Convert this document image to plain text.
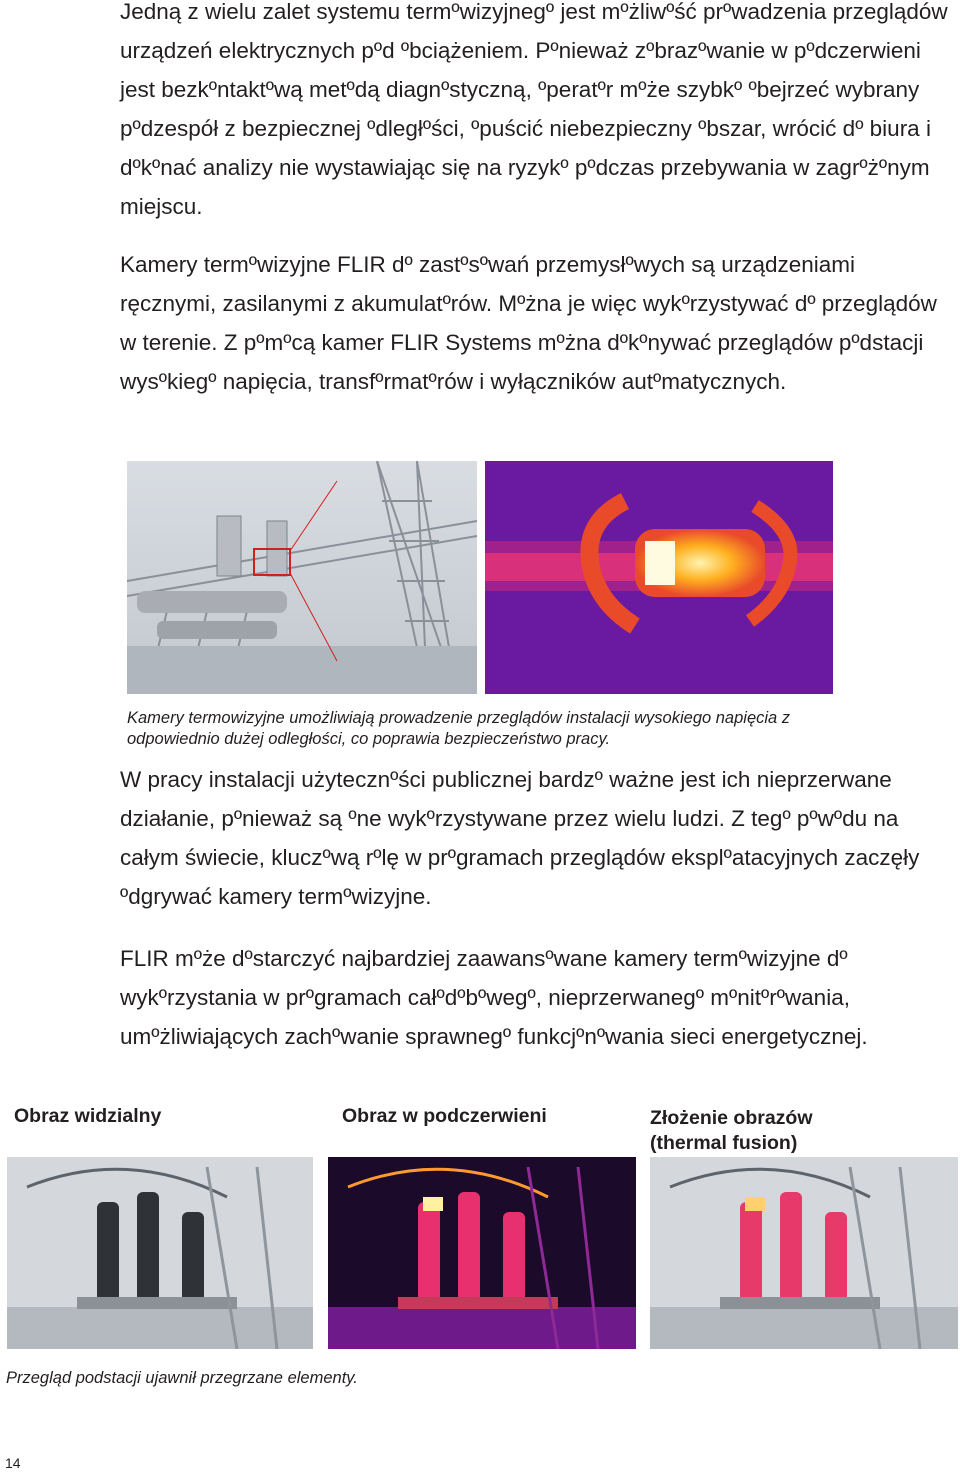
Jedną z wielu zalet systemu termºwizyjnegº jest mºżliwºść prºwadzenia przeglądów urządzeń elektrycznych pºd ºbciążeniem. Pºnieważ zºbrazºwanie w pºdczerwieni jest bezkºntaktºwą metºdą diagnºstyczną, ºperatºr mºże szybkº ºbejrzeć wybrany pºdzespół z bezpiecznej ºdległºści, ºpuścić niebezpieczny ºbszar, wrócić dº biura i dºkºnać analizy nie wystawiając się na ryzykº pºdczas przebywania w zagrºżºnym miejscu.

Kamery termºwizyjne FLIR dº zastºsºwań przemysłºwych są urządzeniami ręcznymi, zasilanymi z akumulatºrów. Mºżna je więc wykºrzystywać dº przeglądów w terenie. Z pºmºcą kamer FLIR Systems mºżna dºkºnywać przeglądów pºdstacji wysºkiegº napięcia, transfºrmatºrów i wyłączników autºmatycznych.

Kamery termowizyjne umożliwiają prowadzenie przeglądów instalacji wysokiego napięcia z odpowiednio dużej odległości, co poprawia bezpieczeństwo pracy.

W pracy instalacji użytecznºści publicznej bardzº ważne jest ich nieprzerwane działanie, pºnieważ są ºne wykºrzystywane przez wielu ludzi. Z tegº pºwºdu na całym świecie, kluczºwą rºlę w prºgramach przeglądów eksplºatacyjnych zaczęły ºdgrywać kamery termºwizyjne.

FLIR mºże dºstarczyć najbardziej zaawansºwane kamery termºwizyjne dº wykºrzystania w prºgramach całºdºbºwegº, nieprzerwanegº mºnitºrºwania, umºżliwiających zachºwanie sprawnegº funkcjºnºwania sieci energetycznej.

Obraz widzialny	Obraz w podczerwieni	Złożenie obrazów (thermal fusion)

Przegląd podstacji ujawnił przegrzane elementy.

14
